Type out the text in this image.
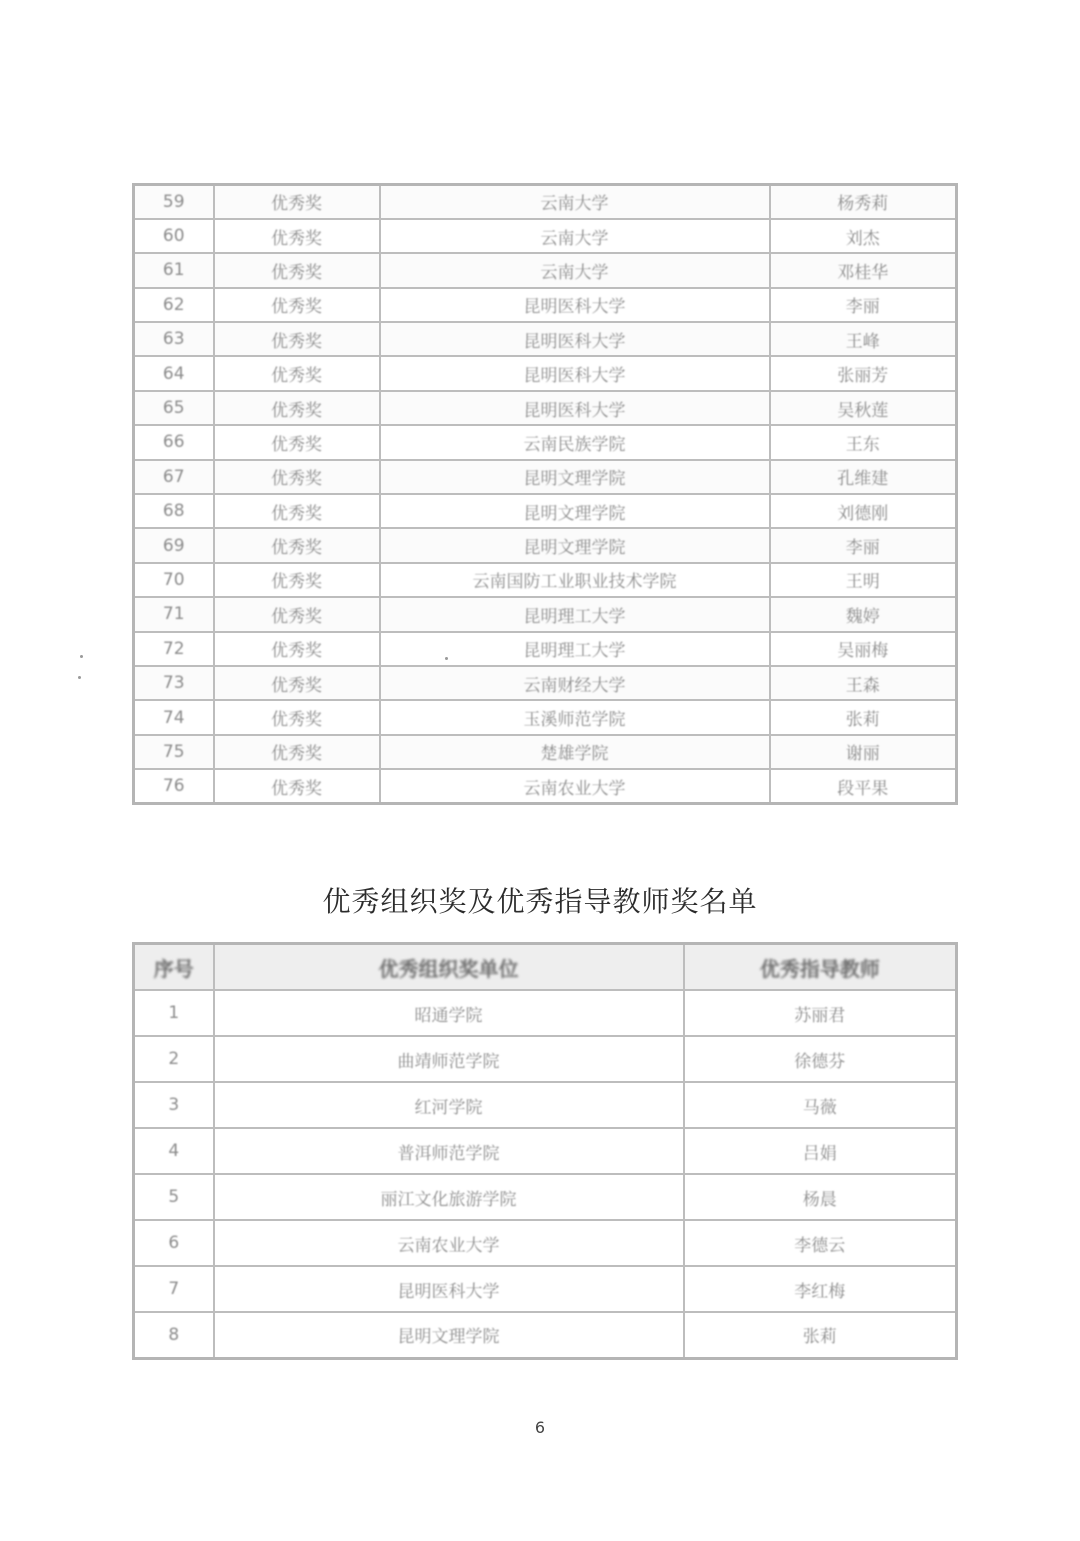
59	优秀奖	云南大学	杨秀莉
60	优秀奖	云南大学	刘杰
61	优秀奖	云南大学	邓桂华
62	优秀奖	昆明医科大学	李丽
63	优秀奖	昆明医科大学	王峰
64	优秀奖	昆明医科大学	张丽芳
65	优秀奖	昆明医科大学	吴秋莲
66	优秀奖	云南民族学院	王东
67	优秀奖	昆明文理学院	孔维建
68	优秀奖	昆明文理学院	刘德刚
69	优秀奖	昆明文理学院	李丽
70	优秀奖	云南国防工业职业技术学院	王明
71	优秀奖	昆明理工大学	魏婷
72	优秀奖	昆明理工大学	吴丽梅
73	优秀奖	云南财经大学	王森
74	优秀奖	玉溪师范学院	张莉
75	优秀奖	楚雄学院	谢丽
76	优秀奖	云南农业大学	段平果
优秀组织奖及优秀指导教师奖名单
序号	优秀组织奖单位	优秀指导教师
1	昭通学院	苏丽君
2	曲靖师范学院	徐德芬
3	红河学院	马薇
4	普洱师范学院	吕娟
5	丽江文化旅游学院	杨晨
6	云南农业大学	李德云
7	昆明医科大学	李红梅
8	昆明文理学院	张莉
6
